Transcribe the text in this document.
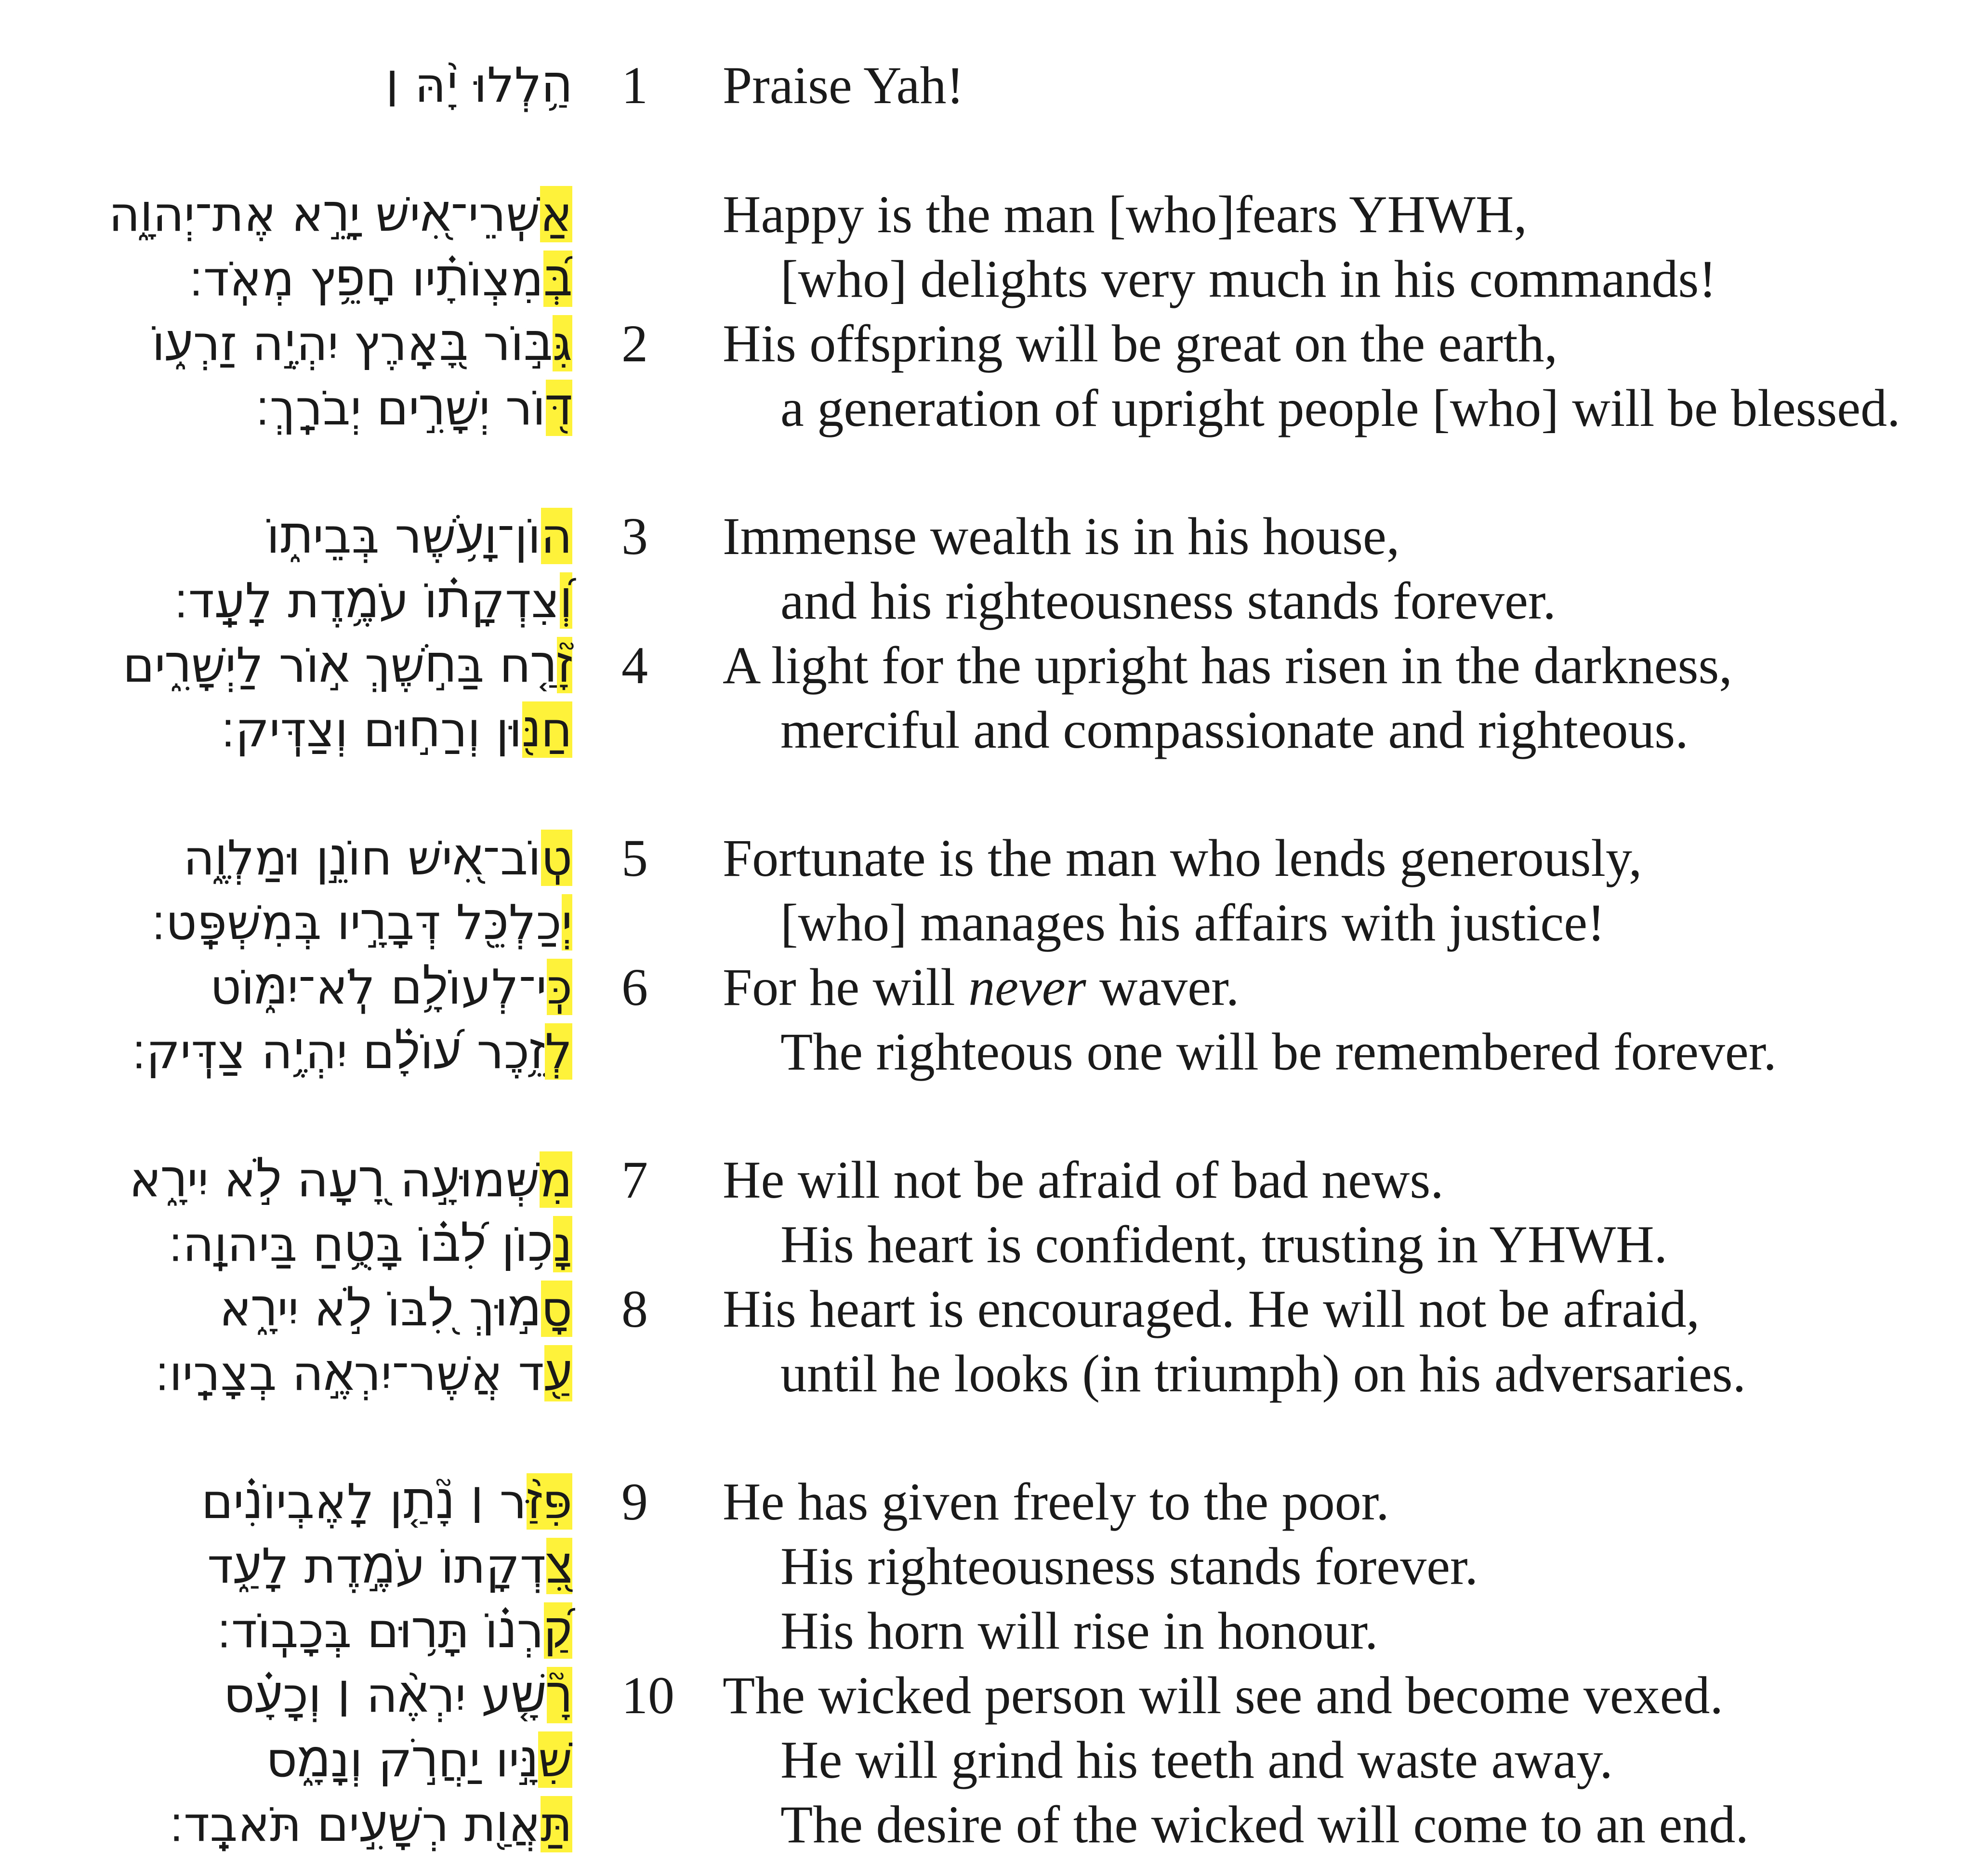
הַ֥לְלוּ יָ֨הּ ׀ 1	Praise Yah!
אַשְֽׁרֵי־אִ֭ישׁ יָרֵ֣א אֶת־יְהוָ֑ה	Happy is the man [who]fears YHWH,
בְּ֝מִצְוֺתָ֗יו חָפֵ֥ץ מְאֹֽד׃	[who] delights very much in his commands!
גִּבּ֣וֹר בָּ֭אָרֶץ יִהְיֶ֣ה זַרְע֑וֹ	2	His offspring will be great on the earth,
דּ֖וֹר יְשָׁרִ֣ים יְבֹרָֽךְ׃	a generation of upright people [who] will be blessed.
הוֹן־וָעֹ֥שֶׁר בְּבֵית֑וֹ	3	Immense wealth is in his house,
וְ֝צִדְקָת֗וֹ עֹמֶ֥דֶת לָעַֽד׃	and his righteousness stands forever.
זָ֘רַ֤ח בַּחֹ֣שֶׁךְ א֣וֹר לַיְשָׁרִ֑ים 4	A light for the upright has risen in the darkness,
חַנּ֖וּן וְרַח֣וּם וְצַדִּֽיק׃	merciful and compassionate and righteous.
טֽוֹב־אִ֭ישׁ חוֹנֵ֣ן וּמַלְוֶ֑ה	5	Fortunate is the man who lends generously,
יְכַלְכֵּ֖ל דְּבָרָ֣יו בְּמִשְׁפָּֽט׃	[who] manages his affairs with justice!
כִּֽי־לְעוֹלָ֥ם לֹֽא־יִמּ֑וֹט	6	For he will never waver.
לְזֵ֥כֶר ע֝וֹלָ֗ם יִהְיֶ֥ה צַדִּֽיק׃	The righteous one will be remembered forever.
מִשְּׁמוּעָ֣ה רָ֭עָה לֹ֣א יִירָ֑א	7	He will not be afraid of bad news.
נָכ֥וֹן לִ֝בּ֗וֹ בָּטֻ֥חַ בַּיהוָֽה׃	His heart is confident, trusting in YHWH.
סָמ֣וּךְ לִ֭בּוֹ לֹ֣א יִירָ֑א	8	His heart is encouraged. He will not be afraid,
עַ֖ד אֲשֶׁר־יִרְאֶ֣ה בְצָרָֽיו׃	until he looks (in triumph) on his adversaries.
פִּזַּ֨ר ׀ נָ֘תַ֤ן לָאֶבְיוֹנִ֗ים	9	He has given freely to the poor.
צִ֭דְקָתוֹ עֹמֶ֣דֶת לָעַ֑ד	His righteousness stands forever.
קַ֝רְנ֗וֹ תָּר֥וּם בְּכָבֽוֹד׃	His horn will rise in honour.
רָ֘שָׁ֤ע יִרְאֶ֨ה ׀ וְכָעָ֗ס	10 The wicked person will see and become vexed.
שִׁנָּ֣יו יַחֲרֹ֣ק וְנָמָ֑ס	He will grind his teeth and waste away.
תַּאֲוַ֖ת רְשָׁעִ֣ים תֹּאבֵֽד׃	The desire of the wicked will come to an end.
